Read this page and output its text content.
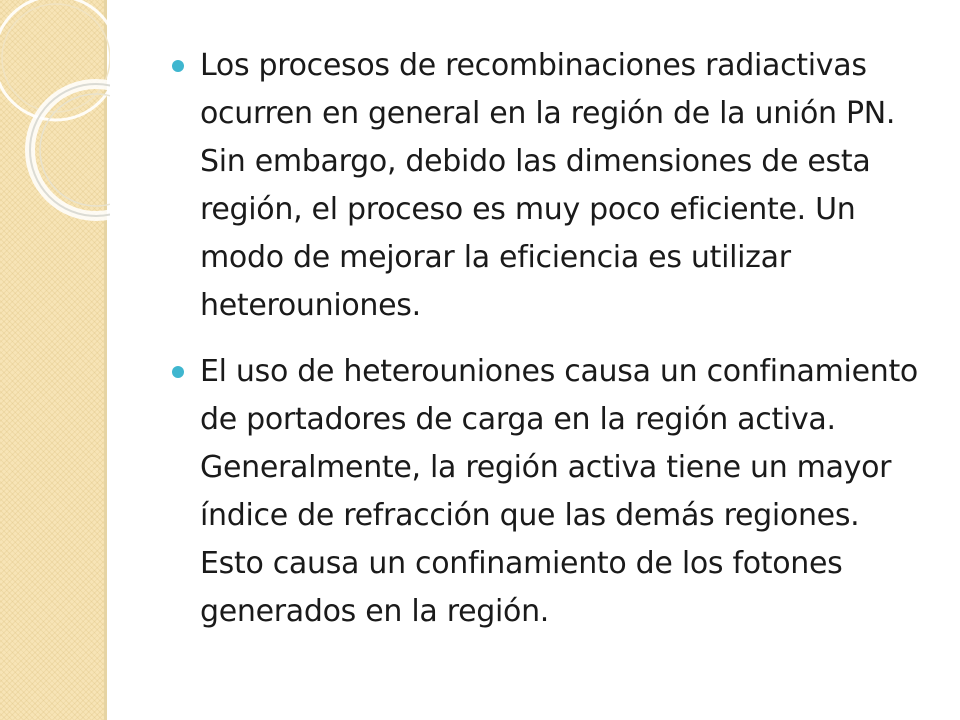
Los procesos de recombinaciones radiactivas ocurren en general en la región de la unión PN. Sin embargo, debido las dimensiones de esta región, el proceso es muy poco eficiente. Un modo de mejorar la eficiencia es utilizar heterouniones.
El uso de heterouniones causa un confinamiento de portadores de carga en la región activa. Generalmente, la región activa tiene un mayor índice de refracción que las demás regiones. Esto causa un confinamiento de los fotones generados en la región.
